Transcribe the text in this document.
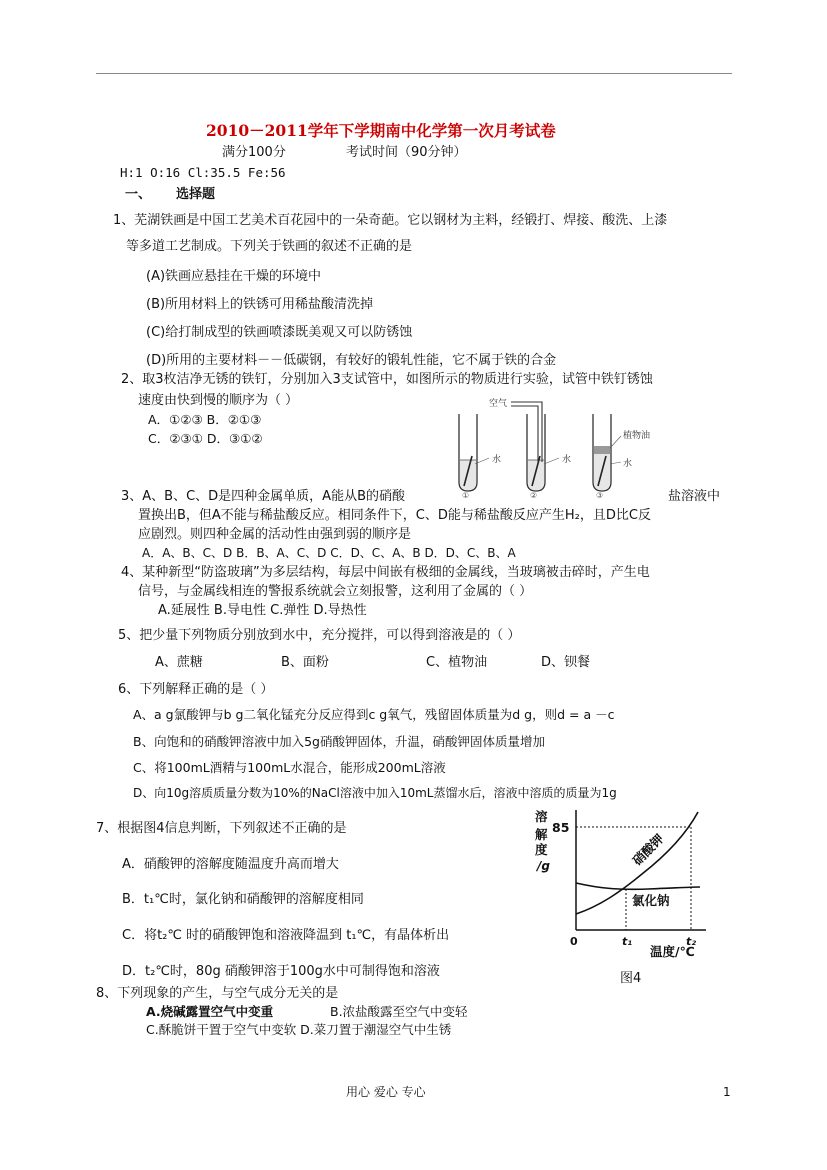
2010－2011学年下学期南中化学第一次月考试卷
满分100分	考试时间（90分钟）
H:1 O:16 Cl:35.5 Fe:56
一、 选择题
1、芜湖铁画是中国工艺美术百花园中的一朵奇葩。它以钢材为主料，经锻打、焊接、酸洗、上漆
等多道工艺制成。下列关于铁画的叙述不正确的是
(A)铁画应悬挂在干燥的环境中
(B)所用材料上的铁锈可用稀盐酸清洗掉
(C)给打制成型的铁画喷漆既美观又可以防锈蚀
(D)所用的主要材料－－低碳钢，有较好的锻轧性能，它不属于铁的合金
2、取3枚洁净无锈的铁钉，分别加入3支试管中，如图所示的物质进行实验，试管中铁钉锈蚀
速度由快到慢的顺序为（ ）
A．①②③ B．②①③
C．②③① D．③①②
水
①
空气
水
②
植物油
水
③
3、A、B、C、D是四种金属单质，A能从B的硝酸	盐溶液中
置换出B，但A不能与稀盐酸反应。相同条件下，C、D能与稀盐酸反应产生H₂，且D比C反
应剧烈。则四种金属的活动性由强到弱的顺序是
A．A、B、C、D B．B、A、C、D C．D、C、A、B D．D、C、B、A
4、某种新型“防盗玻璃”为多层结构，每层中间嵌有极细的金属线，当玻璃被击碎时，产生电
信号，与金属线相连的警报系统就会立刻报警，这利用了金属的（ ）
A.延展性 B.导电性 C.弹性 D.导热性
5、把少量下列物质分别放到水中，充分搅拌，可以得到溶液是的（ ）
A、蔗糖	B、面粉	C、植物油	D、钡餐
6、下列解释正确的是（ ）
A、a g氯酸钾与b g二氧化锰充分反应得到c g氧气，残留固体质量为d g，则d = a －c
B、向饱和的硝酸钾溶液中加入5g硝酸钾固体，升温，硝酸钾固体质量增加
C、将100mL酒精与100mL水混合，能形成200mL溶液
D、向10g溶质质量分数为10%的NaCl溶液中加入10mL蒸馏水后，溶液中溶质的质量为1g
7、根据图4信息判断，下列叙述不正确的是
A．硝酸钾的溶解度随温度升高而增大
B．t₁℃时，氯化钠和硝酸钾的溶解度相同
C．将t₂℃ 时的硝酸钾饱和溶液降温到 t₁℃，有晶体析出
D．t₂℃时，80g 硝酸钾溶于100g水中可制得饱和溶液
溶
解
度
/g
85
硝酸钾
氯化钠
0	t₁	t₂
温度/℃
图4
8、下列现象的产生，与空气成分无关的是
A.烧碱露置空气中变重	B.浓盐酸露至空气中变轻
C.酥脆饼干置于空气中变软 D.菜刀置于潮湿空气中生锈
用心 爱心 专心	1
